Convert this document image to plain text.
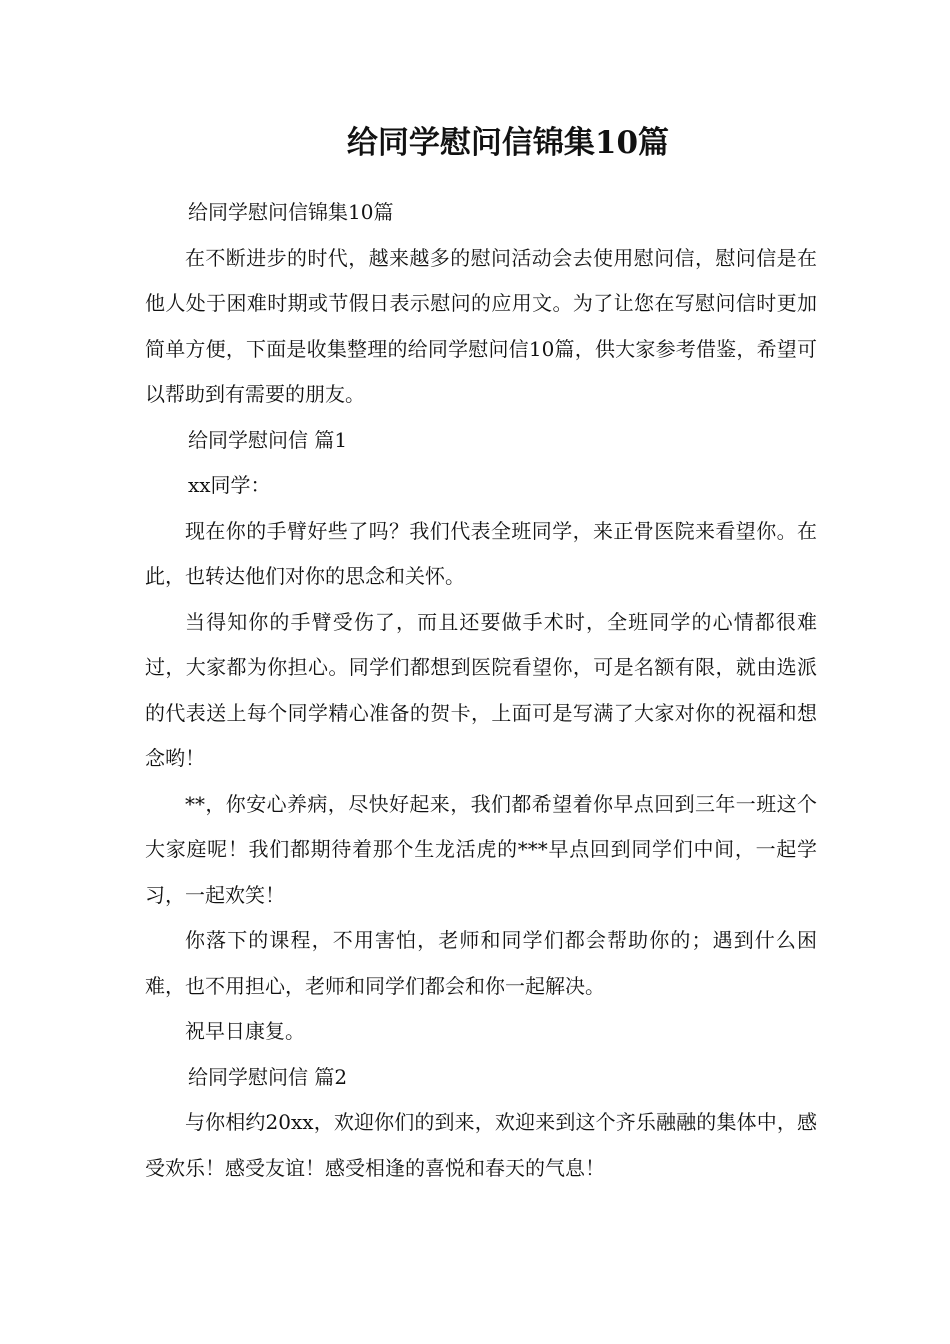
给同学慰问信锦集10篇

给同学慰问信锦集10篇

在不断进步的时代，越来越多的慰问活动会去使用慰问信，慰问信是在他人处于困难时期或节假日表示慰问的应用文。为了让您在写慰问信时更加简单方便，下面是收集整理的给同学慰问信10篇，供大家参考借鉴，希望可以帮助到有需要的朋友。

给同学慰问信 篇1

xx同学：

现在你的手臂好些了吗？我们代表全班同学，来正骨医院来看望你。在此，也转达他们对你的思念和关怀。

当得知你的手臂受伤了，而且还要做手术时，全班同学的心情都很难过，大家都为你担心。同学们都想到医院看望你，可是名额有限，就由选派的代表送上每个同学精心准备的贺卡，上面可是写满了大家对你的祝福和想念哟！

**，你安心养病，尽快好起来，我们都希望着你早点回到三年一班这个大家庭呢！我们都期待着那个生龙活虎的***早点回到同学们中间，一起学习，一起欢笑！

你落下的课程，不用害怕，老师和同学们都会帮助你的；遇到什么困难，也不用担心，老师和同学们都会和你一起解决。

祝早日康复。

给同学慰问信 篇2

与你相约20xx，欢迎你们的到来，欢迎来到这个齐乐融融的集体中，感受欢乐！感受友谊！感受相逢的喜悦和春天的气息！
